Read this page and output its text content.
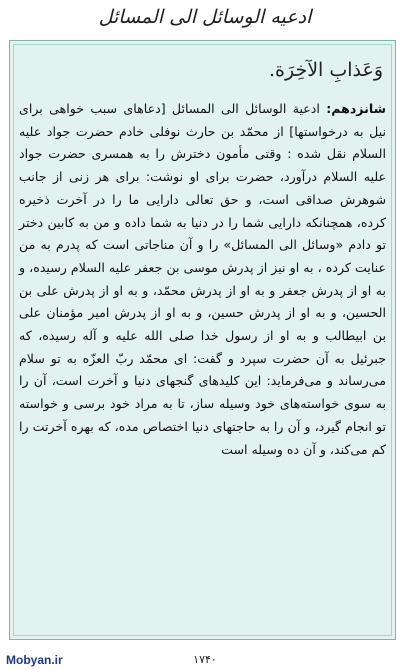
ادعیه الوسائل الی المسائل
وَعَذابِ الآخِرَة.
شانزدهم: ادعیة الوسائل الی المسائل [دعاهای سبب خواهی برای نیل به درخواستها] از محمّد بن حارث نوفلی خادم حضرت جواد علیه السلام نقل شده : وقتی مأمون دخترش را به همسری حضرت جواد علیه السلام درآورد، حضرت برای او نوشت: برای هر زنی از جانب شوهرش صداقی است، و حق تعالی دارایی ما را در آخرت ذخیره کرده، همچنانکه دارایی شما را در دنیا به شما داده و من به کابین دختر تو دادم «وسائل الی المسائل» را و آن مناجاتی است که پدرم به من عنایت کرده ، به او نیز از پدرش موسی بن جعفر علیه السلام رسیده، و به او از پدرش جعفر و به او از پدرش محمّد، و به او از پدرش علی بن الحسین، و به او از پدرش حسین، و به او از پدرش امیر مؤمنان علی بن ابیطالب و به او از رسول خدا صلی الله علیه و آله رسیده، که جبرئیل به آن حضرت سپرد و گفت: ای محمّد ربّ العزّه به تو سلام می‌رساند و می‌فرماید: این کلیدهای گنجهای دنیا و آخرت است، آن را به سوی خواسته‌های خود وسیله ساز، تا به مراد خود برسی و خواسته تو انجام گیرد، و آن را به حاجتهای دنیا اختصاص مده، که بهره آخرتت را کم می‌کند، و آن ده وسیله است
Mobyan.ir	۱۷۴۰
